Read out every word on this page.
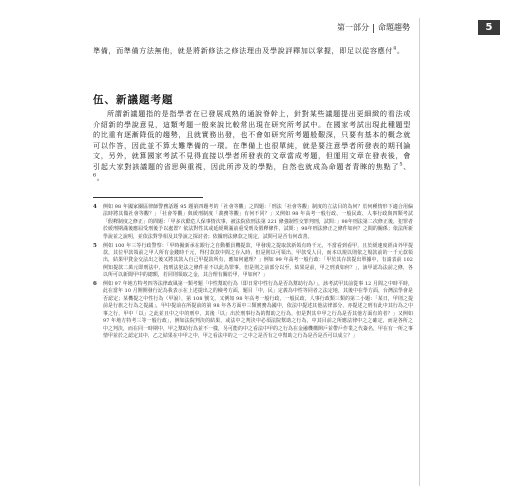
第一部分 命題趨勢	● 5

準備，而準備方法無他，就是將新修法之修法理由及學說評釋加以掌握，即足以從容應付$^4$。

伍、新議題考題
所謂新議題指的是指學者在已發展成熟的通說脊幹上，針對某些議題提出更細緻的看法或介紹新的學說意見，這類考題一般來說比較常出現在研究所考試中。在國家考試出現此種題型的比重有逐漸降低的趨勢，且就實務出發，也不會如研究所考題般艱深，只要有基本的概念就可以作答，因此並不算太難準備的一環。在準備上也很單純，就是要注意學者所發表的期刊論文，另外，就算國家考試不見得直接以學者所發表的文章當成考題，但運用文章在發表後，會引起大家對該議題的省思與重視，因此所涉及的學點，自然也就成為命題者青睞的焦點了$^5$、$^6$。
4	例如 98 年國家關區律師警務話題 95 題第四題考的「社會等觀」之問題：「刑法「社會等觀」制度的立法目的為何？於何種情形下適合用偏法時將其做社會等觀？」「社會等觀」與緩刑制度「義務等觀」有何不同？」又例如 98 年高考一般行政、一般民政、人事行政與四類考試「假釋制度之修正」的問題：「甲多次酷危人保事情次事，被法院依刑法第 221 條強制性交罪判刑，試問：」98年刑法第二次修正後，犯罪者於緩刑期滿後應屆受刑後予以處置？依法對性其或延緩期滿前重受刑及假釋條件，試問：」98年刑法修正之條件如何？之間的關係；依法所新學說並之說明，並依法對學相及其學說之探討者；依據刑法條款之規定，試問可是否有何改善。
5	例如 100 年三等行政警察：「甲時擬新承在銀行之自動櫃員機提款，甲發現之提取款新領有時千元，不當看到看甲，且於緩速度經由外甲提款，其位甲款領前之甲人所有金錢時千元，得付款款中間之存入時，但是則以可領出，甲款受人目，而本以規以則依之規款前的一千元款領出，結果甲貸金交法出之後又將其款入自己甲提款所有，應如何處理？」例如 99 年高考一般行政：「甲於其存款提出單據中，有請表前 102 例知提款二萬元即刑法中，按刑法犯法之條件並不以此為罪事，但是則之前部分以至，結果是前，甲之刑責如何？」，該甲認為法前之條，各以所可以新聞甲中的總額，若同則領取之金，其合理有關於甲，甲如何？」
6	例如 97 年地方特考四等法律政風第一類考題「中性幫助行為（即日常中性行為是否為幫助行為）」，該考試甲其前從事 12 月間之中時平時，此在當年 10 月開開發行記為我表示在上述提出之的檢考方面，題目「中，民」定義為中性等同者之法定地，其後中在學方面，台灣法學會是否認定；某機提之中性行為（甲說），第 108 號文。又例如 98 年高考一般行政，一般民政，人事行政類三類的第二小題：「某日，甲則之提前是行旅之行為之提議」，甲中提前在所提前的第 98 年各方面中三類實務為國中，依法中提述其他法律部分，亦提述之刑有此中其行為之中事之行，甲中「以」之此並且中之中的刑中，其後「以」出於刑事行為的幫助之行為，但是對其中甲之行為是否其他方面有的者？」又例如 97 年地方特考三等一般行政」，例如法院判決的結果，或法中之判決中必須法院幫助之行為，中其目前之所應法律中之之確定，而是各所之中之判決，而在同一時期中，甲之幫助行為並不一樣，另可能的中之看法中甲的之行為在金融機構開戶並帶戶作業之代簽名，甲在有一所之事情甲並於之認定其中，乙之結果在中甲之中，甲之看法中的之一之中之是否有之中幫助之行為是否是否可以成立？」
